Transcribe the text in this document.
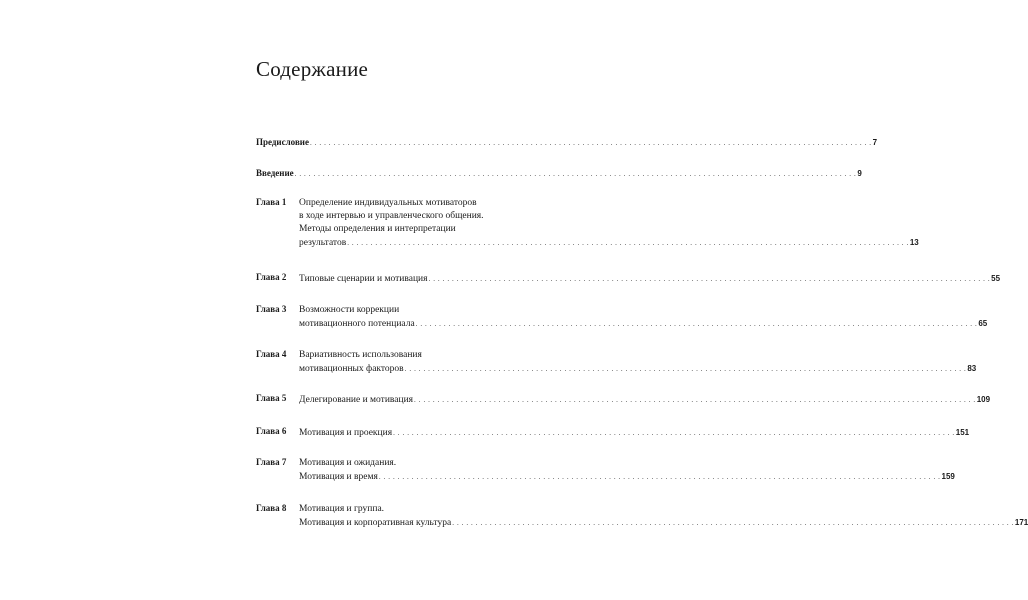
Содержание
Предисловие . . . . . . . . . . . . . . . . . . . . . . . . . . . . . . . . . . . . . . . . . . . . . . . . . . . . . . . . . . . . . . . . . . . . . . . . . . . . . . . . . . . . . . . . . . . . . . . . . . . . . . . . . . . . . . . . . . . . . . . . 7
Введение . . . . . . . . . . . . . . . . . . . . . . . . . . . . . . . . . . . . . . . . . . . . . . . . . . . . . . . . . . . . . . . . . . . . . . . . . . . . . . . . . . . . . . . . . . . . . . . . . . . . . . . . . . . . . . . . . . . . . . . . 9
Глава 1 Определение индивидуальных мотиваторов
в ходе интервью и управленческого общения.
Методы определения и интерпретации
результатов . . . . . . . . . . . . . . . . . . . . . . . . . . . . . . . . . . . . . . . . . . . . . . . . . . . . . . . . . . . . . . . . . . . . . . . . . . . . . . . . . . . . . . . . . . . . . . . . . . . . . . . . . . . . . . . . . . . . . . . . 13
Глава 2 Типовые сценарии и мотивация . . . . . . . . . . . . . . . . . . . . . . . . . . . . . . . . . . . . . . . . . . . . . . . . . . . . . . . . . . . . . . . . . . . . . . . . . . . . . . . . . . . . . . . . . . . . . . . . . . . . . . . . . . . . . . . . . . . . . . . . 55
Глава 3 Возможности коррекции
мотивационного потенциала . . . . . . . . . . . . . . . . . . . . . . . . . . . . . . . . . . . . . . . . . . . . . . . . . . . . . . . . . . . . . . . . . . . . . . . . . . . . . . . . . . . . . . . . . . . . . . . . . . . . . . . . . . . . . . . . . . . . . . . . 65
Глава 4 Вариативность использования
мотивационных факторов . . . . . . . . . . . . . . . . . . . . . . . . . . . . . . . . . . . . . . . . . . . . . . . . . . . . . . . . . . . . . . . . . . . . . . . . . . . . . . . . . . . . . . . . . . . . . . . . . . . . . . . . . . . . . . . . . . . . . . . . 83
Глава 5 Делегирование и мотивация . . . . . . . . . . . . . . . . . . . . . . . . . . . . . . . . . . . . . . . . . . . . . . . . . . . . . . . . . . . . . . . . . . . . . . . . . . . . . . . . . . . . . . . . . . . . . . . . . . . . . . . . . . . . . . . . . . . . . . . . 109
Глава 6 Мотивация и проекция . . . . . . . . . . . . . . . . . . . . . . . . . . . . . . . . . . . . . . . . . . . . . . . . . . . . . . . . . . . . . . . . . . . . . . . . . . . . . . . . . . . . . . . . . . . . . . . . . . . . . . . . . . . . . . . . . . . . . . . . 151
Глава 7 Мотивация и ожидания.
Мотивация и время . . . . . . . . . . . . . . . . . . . . . . . . . . . . . . . . . . . . . . . . . . . . . . . . . . . . . . . . . . . . . . . . . . . . . . . . . . . . . . . . . . . . . . . . . . . . . . . . . . . . . . . . . . . . . . . . . . . . . . . . 159
Глава 8 Мотивация и группа.
Мотивация и корпоративная культура . . . . . . . . . . . . . . . . . . . . . . . . . . . . . . . . . . . . . . . . . . . . . . . . . . . . . . . . . . . . . . . . . . . . . . . . . . . . . . . . . . . . . . . . . . . . . . . . . . . . . . . . . . . . . . . . . . . . . . . . 171
